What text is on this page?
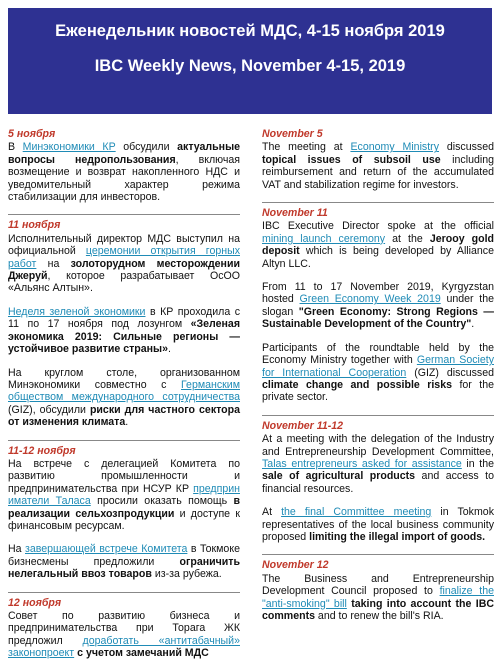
Еженедельник новостей МДС, 4-15 ноября 2019
IBC Weekly News, November 4-15, 2019
5 ноября
В Минэкономики КР обсудили актуальные вопросы недропользования, включая возмещение и возврат накопленного НДС и уведомительный характер режима стабилизации для инвесторов.
11 ноября
Исполнительный директор МДС выступил на официальной церемонии открытия горных работ на золоторудном месторождении Джеруй, которое разрабатывает ОсОО «Альянс Алтын».
Неделя зеленой экономики в КР проходила с 11 по 17 ноября под лозунгом «Зеленая экономика 2019: Сильные регионы — устойчивое развитие страны».
На круглом столе, организованном Минэкономики совместно с Германским обществом международного сотрудничества (GIZ), обсудили риски для частного сектора от изменения климата.
11-12 ноября
На встрече с делегацией Комитета по развитию промышленности и предпринимательства при НСУР КР предприн иматели Таласа просили оказать помощь в реализации сельхозпродукции и доступе к финансовым ресурсам.
На завершающей встрече Комитета в Токмоке бизнесмены предложили ограничить нелегальный ввоз товаров из-за рубежа.
12 ноября
Совет по развитию бизнеса и предпринимательства при Торага ЖК предложил доработать «антитабачный» законопроект с учетом замечаний МДС
November 5
The meeting at Economy Ministry discussed topical issues of subsoil use including reimbursement and return of the accumulated VAT and stabilization regime for investors.
November 11
IBC Executive Director spoke at the official mining launch ceremony at the Jerooy gold deposit which is being developed by Alliance Altyn LLC.
From 11 to 17 November 2019, Kyrgyzstan hosted Green Economy Week 2019 under the slogan "Green Economy: Strong Regions — Sustainable Development of the Country".
Participants of the roundtable held by the Economy Ministry together with German Society for International Cooperation (GIZ) discussed climate change and possible risks for the private sector.
November 11-12
At a meeting with the delegation of the Industry and Entrepreneurship Development Committee, Talas entrepreneurs asked for assistance in the sale of agricultural products and access to financial resources.
At the final Committee meeting in Tokmok representatives of the local business community proposed limiting the illegal import of goods.
November 12
The Business and Entrepreneurship Development Council proposed to finalize the "anti-smoking" bill taking into account the IBC comments and to renew the bill's RIA.
